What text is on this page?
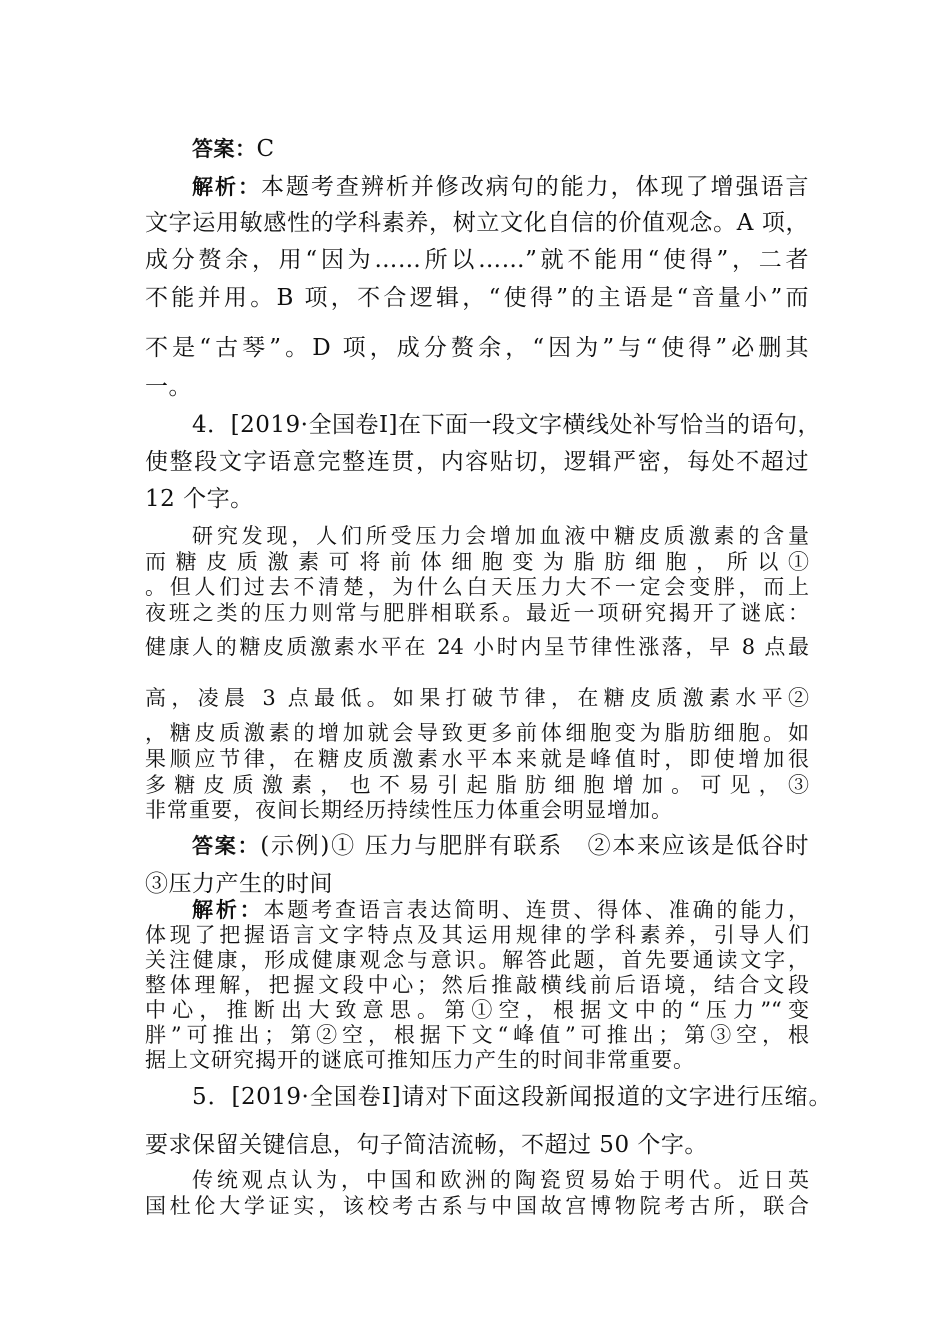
答案：C
解析：本题考查辨析并修改病句的能力，体现了增强语言
文字运用敏感性的学科素养，树立文化自信的价值观念。A 项，
成分赘余，用“因为……所以……”就不能用“使得”，二者
不能并用。B 项，不合逻辑，“使得”的主语是“音量小”而
不是“古琴”。D 项，成分赘余，“因为”与“使得”必删其
一。
4．[2019·全国卷Ⅰ]在下面一段文字横线处补写恰当的语句，
使整段文字语意完整连贯，内容贴切，逻辑严密，每处不超过
12 个字。
研究发现，人们所受压力会增加血液中糖皮质激素的含量
而糖皮质激素可将前体细胞变为脂肪细胞，所以①
。但人们过去不清楚，为什么白天压力大不一定会变胖，而上
夜班之类的压力则常与肥胖相联系。最近一项研究揭开了谜底：
健康人的糖皮质激素水平在 24 小时内呈节律性涨落，早 8 点最
高，凌晨 3 点最低。如果打破节律，在糖皮质激素水平②
，糖皮质激素的增加就会导致更多前体细胞变为脂肪细胞。如
果顺应节律，在糖皮质激素水平本来就是峰值时，即使增加很
多糖皮质激素，也不易引起脂肪细胞增加。可见，③
非常重要，夜间长期经历持续性压力体重会明显增加。
答案：(示例)① 压力与肥胖有联系　②本来应该是低谷时
③压力产生的时间
解析：本题考查语言表达简明、连贯、得体、准确的能力，
体现了把握语言文字特点及其运用规律的学科素养，引导人们
关注健康，形成健康观念与意识。解答此题，首先要通读文字，
整体理解，把握文段中心；然后推敲横线前后语境，结合文段
中心，推断出大致意思。第①空，根据文中的“压力”“变
胖”可推出；第②空，根据下文“峰值”可推出；第③空，根
据上文研究揭开的谜底可推知压力产生的时间非常重要。
5．[2019·全国卷Ⅰ]请对下面这段新闻报道的文字进行压缩。
要求保留关键信息，句子简洁流畅，不超过 50 个字。
传统观点认为，中国和欧洲的陶瓷贸易始于明代。近日英
国杜伦大学证实，该校考古系与中国故宫博物院考古所，联合
